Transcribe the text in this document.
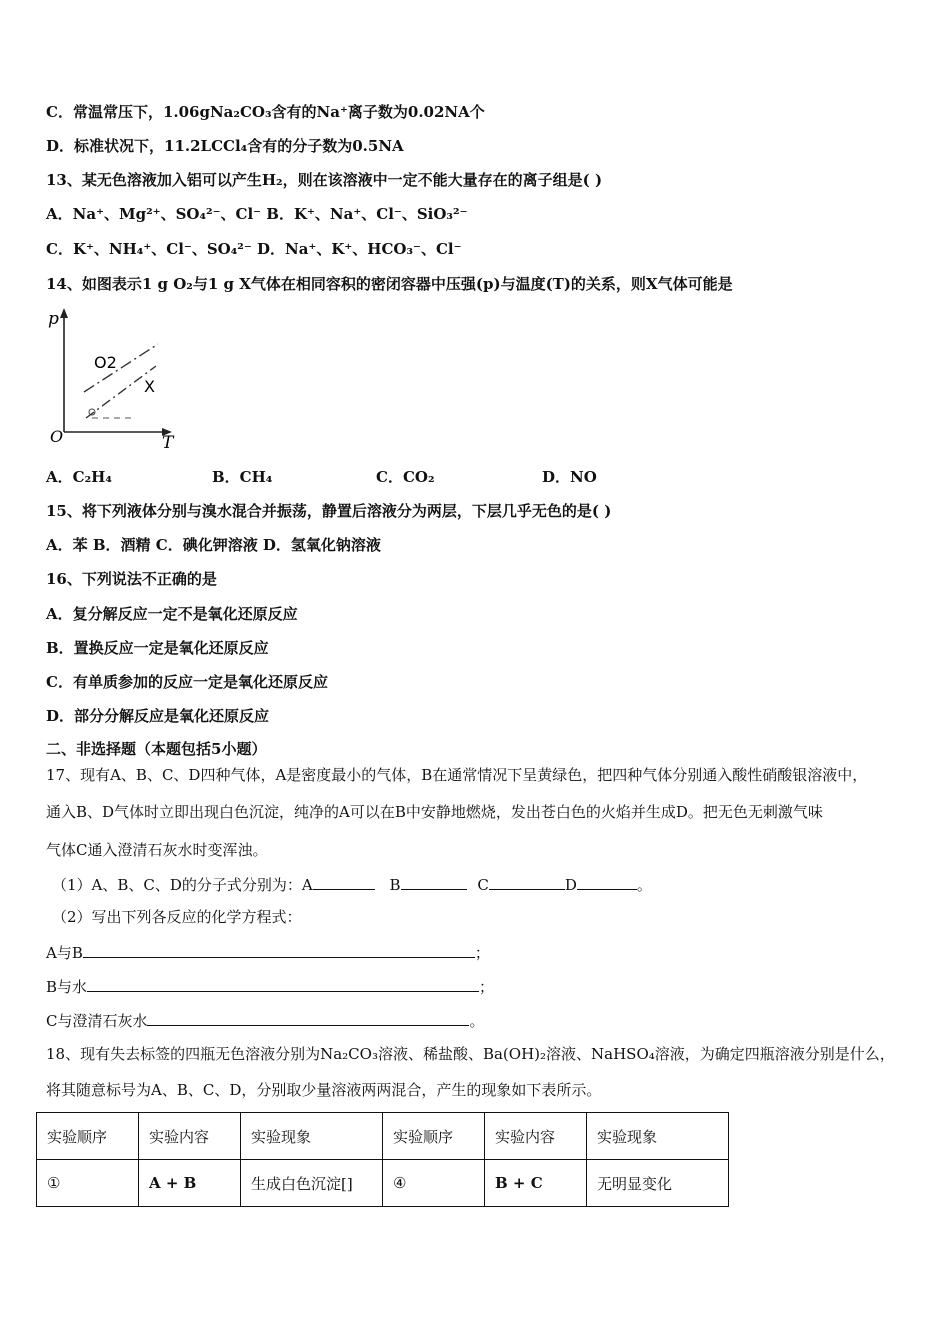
C．常温常压下，1.06gNa₂CO₃含有的Na⁺离子数为0.02NA个
D．标准状况下，11.2LCCl₄含有的分子数为0.5NA
13、某无色溶液加入铝可以产生H₂，则在该溶液中一定不能大量存在的离子组是( )
A．Na⁺、Mg²⁺、SO₄²⁻、Cl⁻ B．K⁺、Na⁺、Cl⁻、SiO₃²⁻
C．K⁺、NH₄⁺、Cl⁻、SO₄²⁻ D．Na⁺、K⁺、HCO₃⁻、Cl⁻
14、如图表示1 g O₂与1 g X气体在相同容积的密闭容器中压强(p)与温度(T)的关系，则X气体可能是
p
T
O
O2
X
A．C₂H₄	B．CH₄	C．CO₂	D．NO
15、将下列液体分别与溴水混合并振荡，静置后溶液分为两层，下层几乎无色的是( )
A．苯 B．酒精 C．碘化钾溶液 D．氢氧化钠溶液
16、下列说法不正确的是
A．复分解反应一定不是氧化还原反应
B．置换反应一定是氧化还原反应
C．有单质参加的反应一定是氧化还原反应
D．部分分解反应是氧化还原反应
二、非选择题（本题包括5小题）
17、现有A、B、C、D四种气体，A是密度最小的气体，B在通常情况下呈黄绿色，把四种气体分别通入酸性硝酸银溶液中，
通入B、D气体时立即出现白色沉淀，纯净的A可以在B中安静地燃烧，发出苍白色的火焰并生成D。把无色无刺激气味
气体C通入澄清石灰水时变浑浊。
（1）A、B、C、D的分子式分别为：A	B	C	D	。
（2）写出下列各反应的化学方程式：
A与B	；
B与水	；
C与澄清石灰水	。
18、现有失去标签的四瓶无色溶液分别为Na₂CO₃溶液、稀盐酸、Ba(OH)₂溶液、NaHSO₄溶液，为确定四瓶溶液分别是什么，
将其随意标号为A、B、C、D，分别取少量溶液两两混合，产生的现象如下表所示。
实验顺序	实验内容	实验现象	实验顺序	实验内容	实验现象
①	A + B	生成白色沉淀[]	④	B + C	无明显变化
